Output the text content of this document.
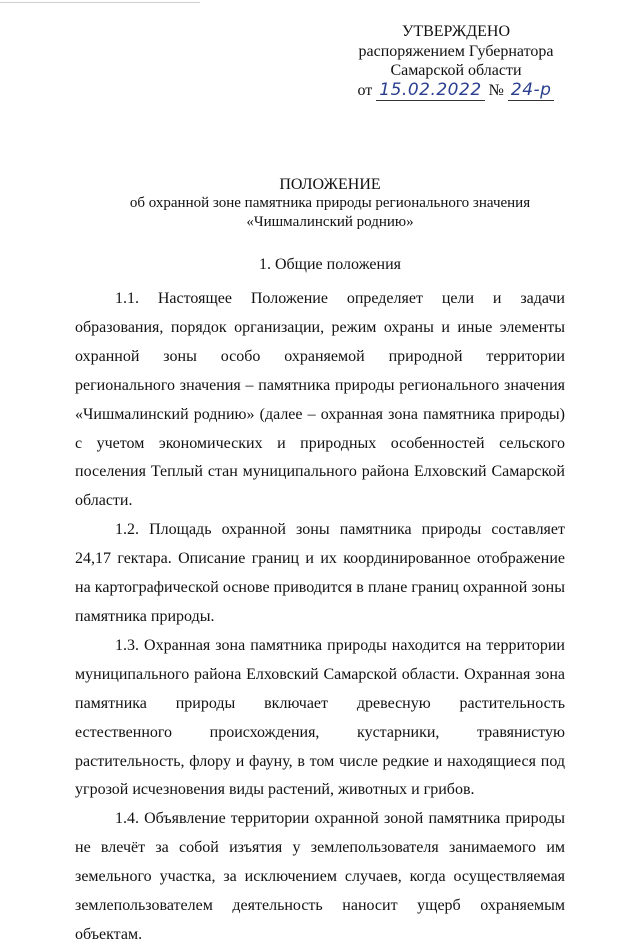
УТВЕРЖДЕНО
распоряжением Губернатора
Самарской области
от 15.02.2022 № 24-р
ПОЛОЖЕНИЕ
об охранной зоне памятника природы регионального значения
«Чишмалинский роднию»
1. Общие положения

1.1. Настоящее Положение определяет цели и задачи образования, порядок организации, режим охраны и иные элементы охранной зоны особо охраняемой природной территории регионального значения – памятника природы регионального значения «Чишмалинский роднию» (далее – охранная зона памятника природы) с учетом экономических и природных особенностей сельского поселения Теплый стан муниципального района Елховский Самарской области.

1.2. Площадь охранной зоны памятника природы составляет 24,17 гектара. Описание границ и их координированное отображение на картографической основе приводится в плане границ охранной зоны памятника природы.

1.3. Охранная зона памятника природы находится на территории муниципального района Елховский Самарской области. Охранная зона памятника природы включает древесную растительность естественного происхождения, кустарники, травянистую растительность, флору и фауну, в том числе редкие и находящиеся под угрозой исчезновения виды растений, животных и грибов.

1.4. Объявление территории охранной зоной памятника природы не влечёт за собой изъятия у землепользователя занимаемого им земельного участка, за исключением случаев, когда осуществляемая землепользователем деятельность наносит ущерб охраняемым объектам.
